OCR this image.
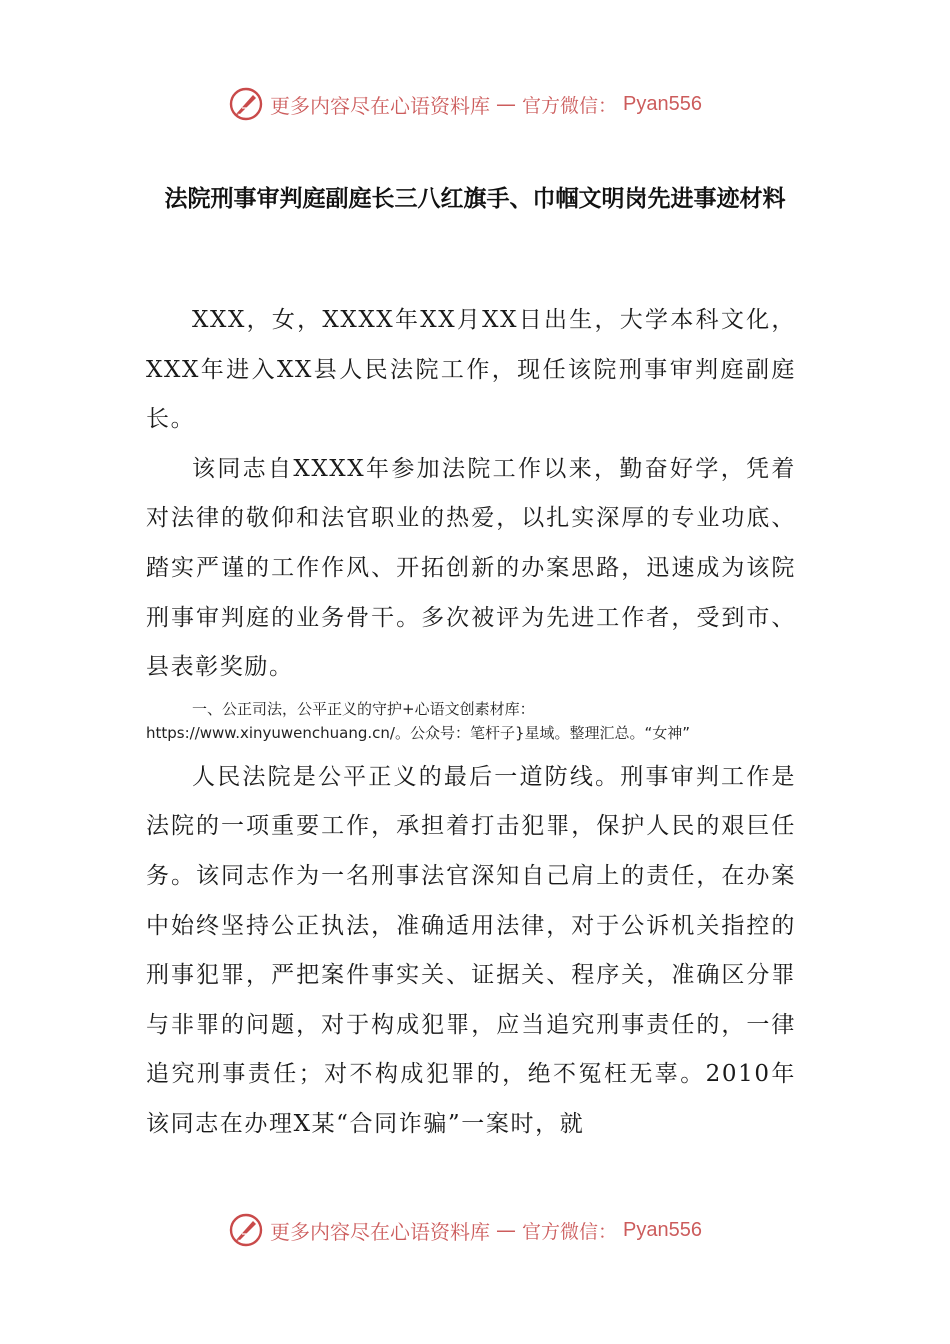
更多内容尽在心语资料库 — 官方微信： Pyan556
法院刑事审判庭副庭长三八红旗手、巾帼文明岗先进事迹材料

XXX，女，XXXX年XX月XX日出生，大学本科文化，XXX年进入XX县人民法院工作，现任该院刑事审判庭副庭长。

该同志自XXXX年参加法院工作以来，勤奋好学，凭着对法律的敬仰和法官职业的热爱，以扎实深厚的专业功底、踏实严谨的工作作风、开拓创新的办案思路，迅速成为该院刑事审判庭的业务骨干。多次被评为先进工作者，受到市、县表彰奖励。

一、公正司法，公平正义的守护+心语文创素材库：https://www.xinyuwenchuang.cn/。公众号：笔杆子}星域。整理汇总。“女神”

人民法院是公平正义的最后一道防线。刑事审判工作是法院的一项重要工作，承担着打击犯罪，保护人民的艰巨任务。该同志作为一名刑事法官深知自己肩上的责任，在办案中始终坚持公正执法，准确适用法律，对于公诉机关指控的刑事犯罪，严把案件事实关、证据关、程序关，准确区分罪与非罪的问题，对于构成犯罪，应当追究刑事责任的，一律追究刑事责任；对不构成犯罪的，绝不冤枉无辜。2010年该同志在办理X某“合同诈骗”一案时，就

更多内容尽在心语资料库 — 官方微信： Pyan556
